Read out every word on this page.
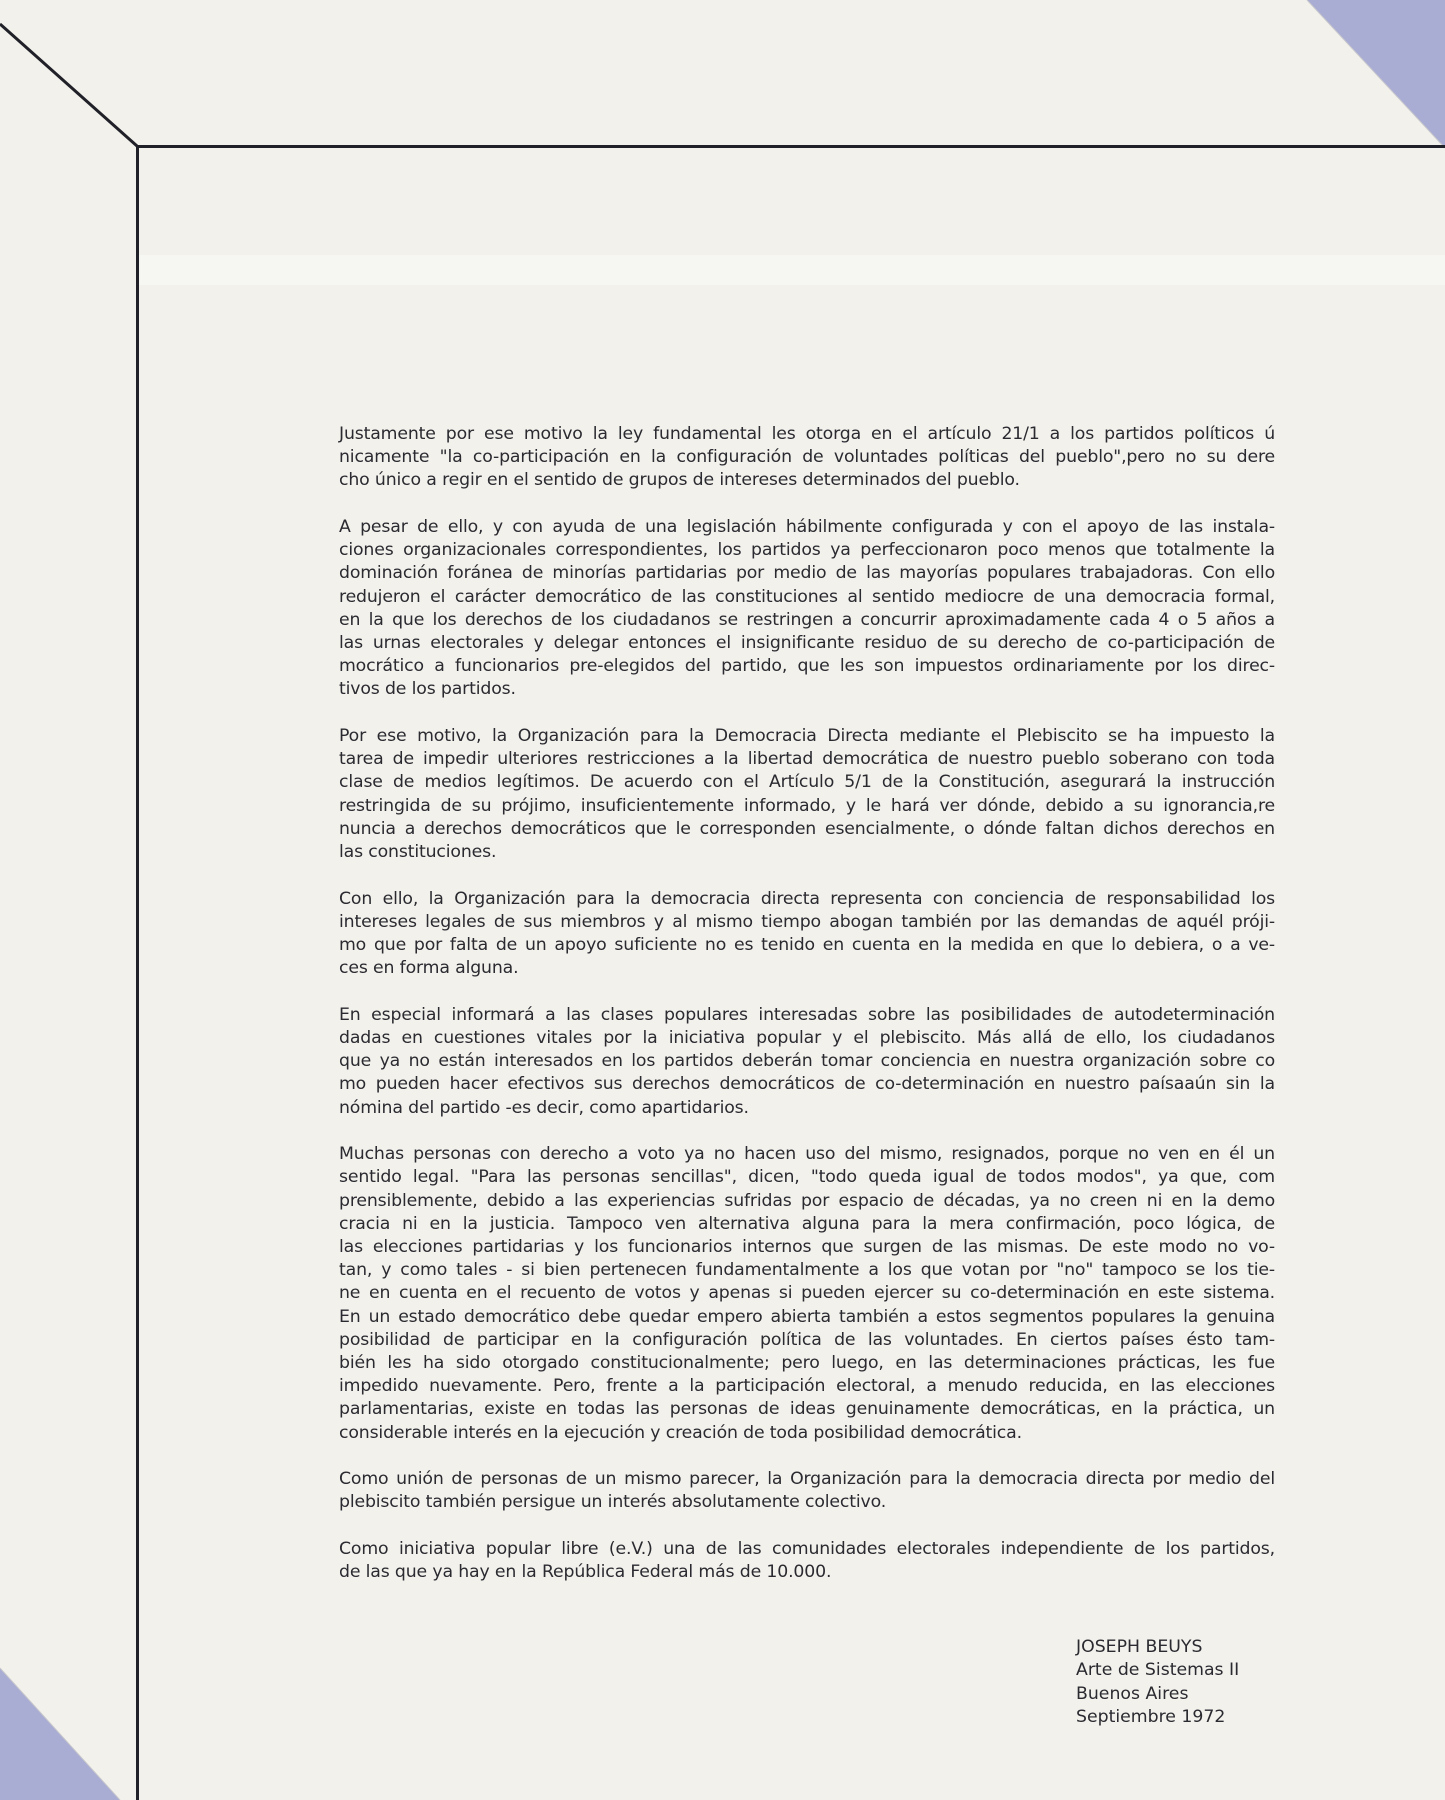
Justamente por ese motivo la ley fundamental les otorga en el artículo 21/1 a los partidos políticos ú
nicamente "la co-participación en la configuración de voluntades políticas del pueblo",pero no su dere
cho único a regir en el sentido de grupos de intereses determinados del pueblo.

A pesar de ello, y con ayuda de una legislación hábilmente configurada y con el apoyo de las instala-
ciones organizacionales correspondientes, los partidos ya perfeccionaron poco menos que totalmente la
dominación foránea de minorías partidarias por medio de las mayorías populares trabajadoras. Con ello
redujeron el carácter democrático de las constituciones al sentido mediocre de una democracia formal,
en la que los derechos de los ciudadanos se restringen a concurrir aproximadamente cada 4 o 5 años a
las urnas electorales y delegar entonces el insignificante residuo de su derecho de co-participación de
mocrático a funcionarios pre-elegidos del partido, que les son impuestos ordinariamente por los direc-
tivos de los partidos.

Por ese motivo, la Organización para la Democracia Directa mediante el Plebiscito se ha impuesto la
tarea de impedir ulteriores restricciones a la libertad democrática de nuestro pueblo soberano con toda
clase de medios legítimos. De acuerdo con el Artículo 5/1 de la Constitución, asegurará la instrucción
restringida de su prójimo, insuficientemente informado, y le hará ver dónde, debido a su ignorancia,re
nuncia a derechos democráticos que le corresponden esencialmente, o dónde faltan dichos derechos en
las constituciones.

Con ello, la Organización para la democracia directa representa con conciencia de responsabilidad los
intereses legales de sus miembros y al mismo tiempo abogan también por las demandas de aquél próji-
mo que por falta de un apoyo suficiente no es tenido en cuenta en la medida en que lo debiera, o a ve-
ces en forma alguna.

En especial informará a las clases populares interesadas sobre las posibilidades de autodeterminación
dadas en cuestiones vitales por la iniciativa popular y el plebiscito. Más allá de ello, los ciudadanos
que ya no están interesados en los partidos deberán tomar conciencia en nuestra organización sobre co
mo pueden hacer efectivos sus derechos democráticos de co-determinación en nuestro paísaaún sin la
nómina del partido -es decir, como apartidarios.

Muchas personas con derecho a voto ya no hacen uso del mismo, resignados, porque no ven en él un
sentido legal. "Para las personas sencillas", dicen, "todo queda igual de todos modos", ya que, com
prensiblemente, debido a las experiencias sufridas por espacio de décadas, ya no creen ni en la demo
cracia ni en la justicia. Tampoco ven alternativa alguna para la mera confirmación, poco lógica, de
las elecciones partidarias y los funcionarios internos que surgen de las mismas. De este modo no vo-
tan, y como tales - si bien pertenecen fundamentalmente a los que votan por "no" tampoco se los tie-
ne en cuenta en el recuento de votos y apenas si pueden ejercer su co-determinación en este sistema.
En un estado democrático debe quedar empero abierta también a estos segmentos populares la genuina
posibilidad de participar en la configuración política de las voluntades. En ciertos países ésto tam-
bién les ha sido otorgado constitucionalmente; pero luego, en las determinaciones prácticas, les fue
impedido nuevamente. Pero, frente a la participación electoral, a menudo reducida, en las elecciones
parlamentarias, existe en todas las personas de ideas genuinamente democráticas, en la práctica, un
considerable interés en la ejecución y creación de toda posibilidad democrática.

Como unión de personas de un mismo parecer, la Organización para la democracia directa por medio del
plebiscito también persigue un interés absolutamente colectivo.

Como iniciativa popular libre (e.V.) una de las comunidades electorales independiente de los partidos,
de las que ya hay en la República Federal más de 10.000.

JOSEPH BEUYS
Arte de Sistemas II
Buenos Aires
Septiembre 1972
